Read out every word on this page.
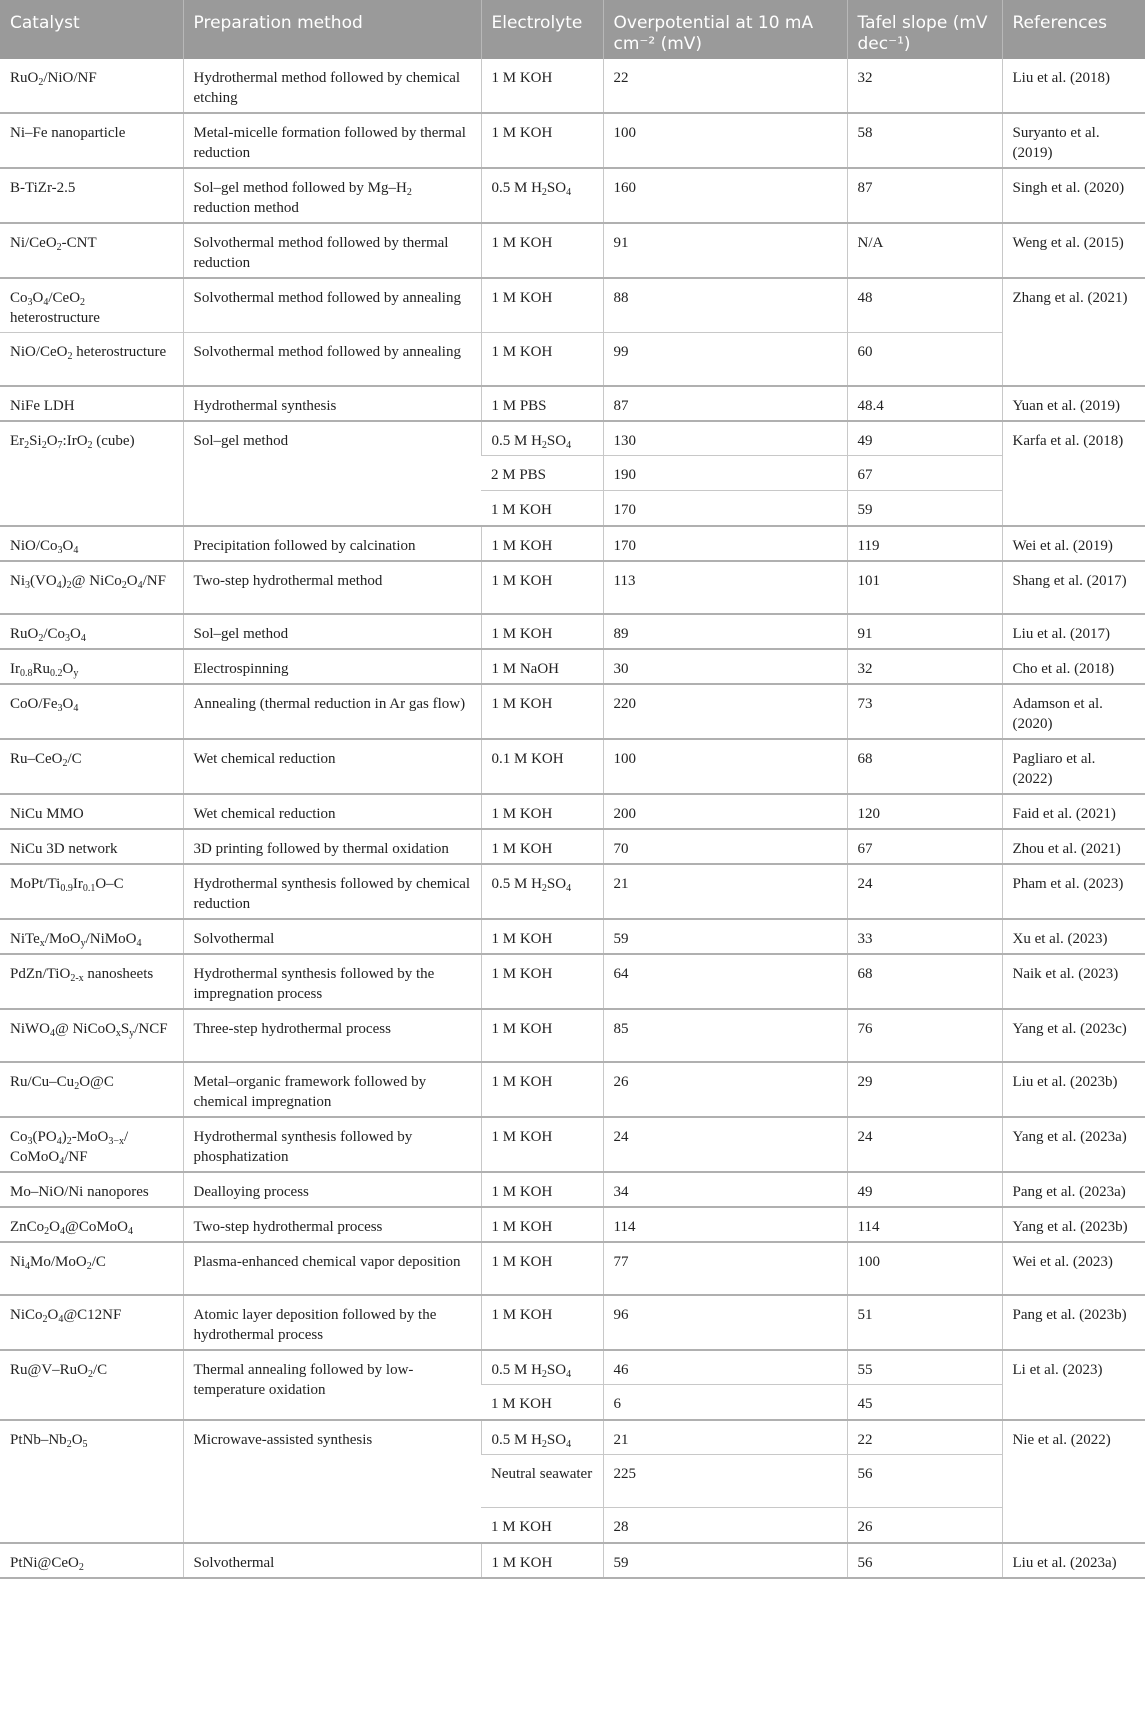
Catalyst	Preparation method	Electrolyte	Overpotential at 10 mA cm⁻² (mV)	Tafel slope (mV dec⁻¹)	References
RuO$_2$/NiO/NF	Hydrothermal method followed by chemical etching	1 M KOH	22	32	Liu et al. (2018)
Ni–Fe nanoparticle	Metal-micelle formation followed by thermal reduction	1 M KOH	100	58	Suryanto et al. (2019)
B-TiZr-2.5	Sol–gel method followed by $Mg-H_2$ reduction method	0.5 M $H_2SO_4$	160	87	Singh et al. (2020)
Ni/CeO$_2$-CNT	Solvothermal method followed by thermal reduction	1 M KOH	91	N/A	Weng et al. (2015)
$Co_3O_4/CeO_2$ heterostructure	Solvothermal method followed by annealing	1 M KOH	88	48	Zhang et al. (2021)
NiO/CeO$_2$ heterostructure	Solvothermal method followed by annealing	1 M KOH	99	60	
NiFe LDH	Hydrothermal synthesis	1 M PBS	87	48.4	Yuan et al. (2019)
$Er_2Si_2O_7:IrO_2$ (cube)	Sol–gel method	0.5 M $H_2SO_4$	130	49	Karfa et al. (2018)
		2 M PBS	190	67	
		1 M KOH	170	59	
NiO/$Co_3O_4$	Precipitation followed by calcination	1 M KOH	170	119	Wei et al. (2019)
$Ni_3(VO_4)_2@$ $NiCo_2O_4/NF$	Two-step hydrothermal method	1 M KOH	113	101	Shang et al. (2017)
$RuO_2/Co_3O_4$	Sol–gel method	1 M KOH	89	91	Liu et al. (2017)
$Ir_{0.8}Ru_{0.2}O_y$	Electrospinning	1 M NaOH	30	32	Cho et al. (2018)
CoO/$Fe_3O_4$	Annealing (thermal reduction in Ar gas flow)	1 M KOH	220	73	Adamson et al. (2020)
Ru–CeO$_2$/C	Wet chemical reduction	0.1 M KOH	100	68	Pagliaro et al. (2022)
NiCu MMO	Wet chemical reduction	1 M KOH	200	120	Faid et al. (2021)
NiCu 3D network	3D printing followed by thermal oxidation	1 M KOH	70	67	Zhou et al. (2021)
MoPt/$Ti_{0.9}Ir_{0.1}O-C$	Hydrothermal synthesis followed by chemical reduction	0.5 M $H_2SO_4$	21	24	Pham et al. (2023)
NiTe$_x$/MoO$_y$/NiMoO$_4$	Solvothermal	1 M KOH	59	33	Xu et al. (2023)
PdZn/TiO$_{2-x}$ nanosheets	Hydrothermal synthesis followed by the impregnation process	1 M KOH	64	68	Naik et al. (2023)
NiWO$_4$@ $NiCoO_xS_y$/NCF	Three-step hydrothermal process	1 M KOH	85	76	Yang et al. (2023c)
$Ru/Cu-Cu_2O@C$	Metal–organic framework followed by chemical impregnation	1 M KOH	26	29	Liu et al. (2023b)
$Co_3(PO_4)_2-MoO_{3-x}/$ CoMoO$_4$/NF	Hydrothermal synthesis followed by phosphatization	1 M KOH	24	24	Yang et al. (2023a)
Mo–NiO/Ni nanopores	Dealloying process	1 M KOH	34	49	Pang et al. (2023a)
$ZnCo_2O_4@CoMoO_4$	Two-step hydrothermal process	1 M KOH	114	114	Yang et al. (2023b)
$Ni_4Mo/MoO_2/C$	Plasma-enhanced chemical vapor deposition	1 M KOH	77	100	Wei et al. (2023)
$NiCo_2O_4@C12NF$	Atomic layer deposition followed by the hydrothermal process	1 M KOH	96	51	Pang et al. (2023b)
Ru@V–RuO$_2$/C	Thermal annealing followed by low-temperature oxidation	0.5 M $H_2SO_4$	46	55	Li et al. (2023)
		1 M KOH	6	45	
PtNb–$Nb_2O_5$	Microwave-assisted synthesis	0.5 M $H_2SO_4$	21	22	Nie et al. (2022)
		Neutral seawater	225	56	
		1 M KOH	28	26	
PtNi@CeO$_2$	Solvothermal	1 M KOH	59	56	Liu et al. (2023a)
